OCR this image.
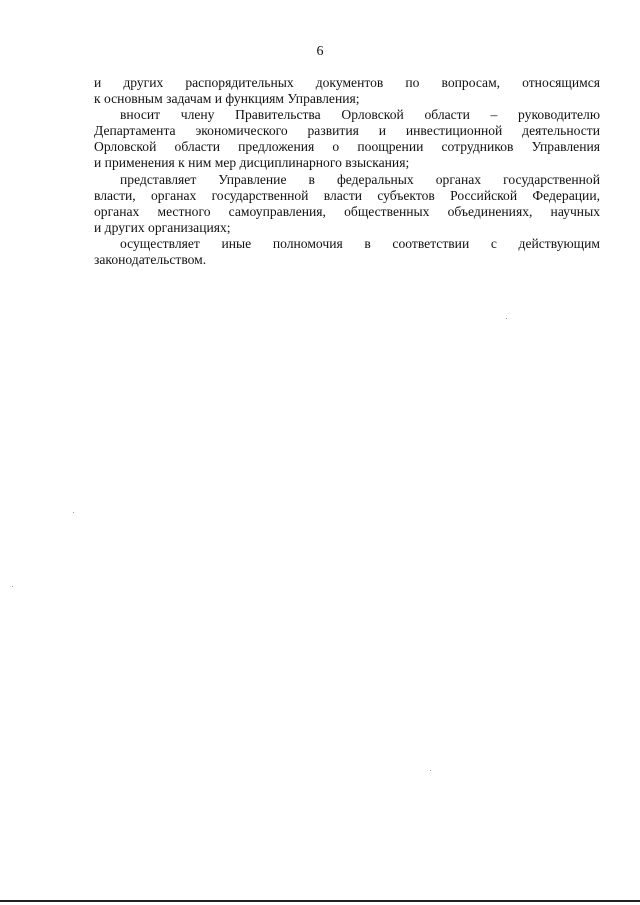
6

и других распорядительных документов по вопросам, относящимся
к основным задачам и функциям Управления;

вносит члену Правительства Орловской области – руководителю
Департамента экономического развития и инвестиционной деятельности
Орловской области предложения о поощрении сотрудников Управления
и применения к ним мер дисциплинарного взыскания;

представляет Управление в федеральных органах государственной
власти, органах государственной власти субъектов Российской Федерации,
органах местного самоуправления, общественных объединениях, научных
и других организациях;

осуществляет иные полномочия в соответствии с действующим
законодательством.
